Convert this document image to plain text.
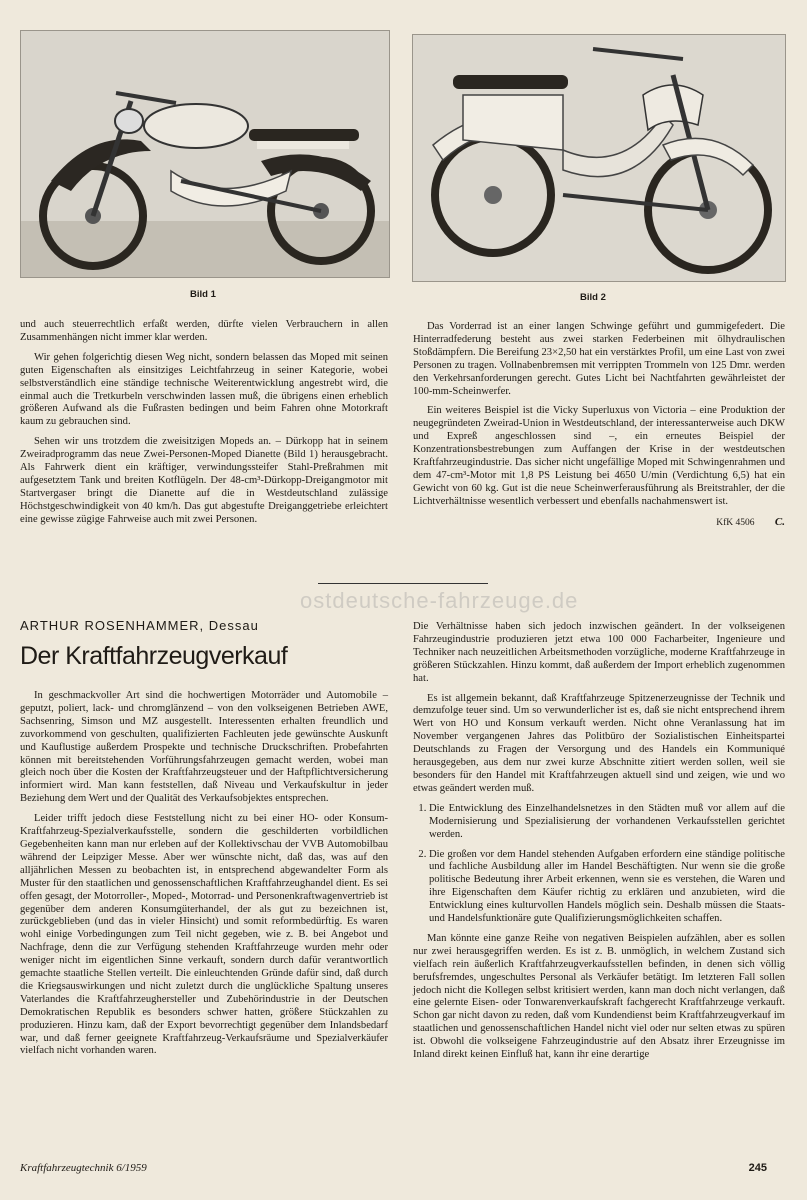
Bild 1	Bild 2

und auch steuerrechtlich erfaßt werden, dürfte vielen Verbrauchern in allen Zusammenhängen nicht immer klar werden.

Wir gehen folgerichtig diesen Weg nicht, sondern belassen das Moped mit seinen guten Eigenschaften als einsitziges Leichtfahrzeug in seiner Kategorie, wobei selbstverständlich eine ständige technische Weiterentwicklung angestrebt wird, die einmal auch die Tretkurbeln verschwinden lassen muß, die übrigens einen erheblich größeren Aufwand als die Fußrasten bedingen und beim Fahren ohne Motorkraft kaum zu gebrauchen sind.

Sehen wir uns trotzdem die zweisitzigen Mopeds an. – Dürkopp hat in seinem Zweiradprogramm das neue Zwei-Personen-Moped Dianette (Bild 1) herausgebracht. Als Fahrwerk dient ein kräftiger, verwindungssteifer Stahl-Preßrahmen mit aufgesetztem Tank und breiten Kotflügeln. Der 48-cm³-Dürkopp-Dreigangmotor mit Startvergaser bringt die Dianette auf die in Westdeutschland zulässige Höchstgeschwindigkeit von 40 km/h. Das gut abgestufte Dreiganggetriebe erleichtert eine gewisse zügige Fahrweise auch mit zwei Personen.

Das Vorderrad ist an einer langen Schwinge geführt und gummigefedert. Die Hinterradfederung besteht aus zwei starken Federbeinen mit ölhydraulischen Stoßdämpfern. Die Bereifung 23×2,50 hat ein verstärktes Profil, um eine Last von zwei Personen zu tragen. Vollnabenbremsen mit verrippten Trommeln von 125 Dmr. werden den Verkehrsanforderungen gerecht. Gutes Licht bei Nachtfahrten gewährleistet der 100-mm-Scheinwerfer.

Ein weiteres Beispiel ist die Vicky Superluxus von Victoria – eine Produktion der neugegründeten Zweirad-Union in Westdeutschland, der interessanterweise auch DKW und Expreß angeschlossen sind –, ein erneutes Beispiel der Konzentrationsbestrebungen zum Auffangen der Krise in der westdeutschen Kraftfahrzeugindustrie. Das sicher nicht ungefällige Moped mit Schwingenrahmen und dem 47-cm³-Motor mit 1,8 PS Leistung bei 4650 U/min (Verdichtung 6,5) hat ein Gewicht von 60 kg. Gut ist die neue Scheinwerferausführung als Breitstrahler, der die Lichtverhältnisse wesentlich verbessert und ebenfalls nachahmenswert ist.

KfK 4506 C.
ostdeutsche-fahrzeuge.de
ARTHUR ROSENHAMMER, Dessau
Der Kraftfahrzeugverkauf

In geschmackvoller Art sind die hochwertigen Motorräder und Automobile – geputzt, poliert, lack- und chromglänzend – von den volkseigenen Betrieben AWE, Sachsenring, Simson und MZ ausgestellt. Interessenten erhalten freundlich und zuvorkommend von geschulten, qualifizierten Fachleuten jede gewünschte Auskunft und Kauflustige außerdem Prospekte und technische Druckschriften. Probefahrten können mit bereitstehenden Vorführungsfahrzeugen gemacht werden, wobei man gleich noch über die Kosten der Kraftfahrzeugsteuer und der Haftpflichtversicherung informiert wird. Man kann feststellen, daß Niveau und Verkaufskultur in jeder Beziehung dem Wert und der Qualität des Verkaufsobjektes entsprechen.

Leider trifft jedoch diese Feststellung nicht zu bei einer HO- oder Konsum-Kraftfahrzeug-Spezialverkaufsstelle, sondern die geschilderten vorbildlichen Gegebenheiten kann man nur erleben auf der Kollektivschau der VVB Automobilbau während der Leipziger Messe. Aber wer wünschte nicht, daß das, was auf den alljährlichen Messen zu beobachten ist, in entsprechend abgewandelter Form als Muster für den staatlichen und genossenschaftlichen Kraftfahrzeughandel dient. Es sei offen gesagt, der Motorroller-, Moped-, Motorrad- und Personenkraftwagenvertrieb ist gegenüber dem anderen Konsumgüterhandel, der als gut zu bezeichnen ist, zurückgeblieben (und das in vieler Hinsicht) und somit reformbedürftig. Es waren wohl einige Vorbedingungen zum Teil nicht gegeben, wie z. B. bei Angebot und Nachfrage, denn die zur Verfügung stehenden Kraftfahrzeuge wurden mehr oder weniger nicht im eigentlichen Sinne verkauft, sondern durch dafür verantwortlich gemachte staatliche Stellen verteilt. Die einleuchtenden Gründe dafür sind, daß durch die Kriegsauswirkungen und nicht zuletzt durch die unglückliche Spaltung unseres Vaterlandes die Kraftfahrzeughersteller und Zubehörindustrie in der Deutschen Demokratischen Republik es besonders schwer hatten, größere Stückzahlen zu produzieren. Hinzu kam, daß der Export bevorrechtigt gegenüber dem Inlandsbedarf war, und daß ferner geeignete Kraftfahrzeug-Verkaufsräume und Spezialverkäufer vielfach nicht vorhanden waren.

Die Verhältnisse haben sich jedoch inzwischen geändert. In der volkseigenen Fahrzeugindustrie produzieren jetzt etwa 100 000 Facharbeiter, Ingenieure und Techniker nach neuzeitlichen Arbeitsmethoden vorzügliche, moderne Kraftfahrzeuge in größeren Stückzahlen. Hinzu kommt, daß außerdem der Import erheblich zugenommen hat.

Es ist allgemein bekannt, daß Kraftfahrzeuge Spitzenerzeugnisse der Technik und demzufolge teuer sind. Um so verwunderlicher ist es, daß sie nicht entsprechend ihrem Wert von HO und Konsum verkauft werden. Nicht ohne Veranlassung hat im November vergangenen Jahres das Politbüro der Sozialistischen Einheitspartei Deutschlands zu Fragen der Versorgung und des Handels ein Kommuniqué herausgegeben, aus dem nur zwei kurze Abschnitte zitiert werden sollen, weil sie besonders für den Handel mit Kraftfahrzeugen aktuell sind und zeigen, wie und wo etwas geändert werden muß.

1. Die Entwicklung des Einzelhandelsnetzes in den Städten muß vor allem auf die Modernisierung und Spezialisierung der vorhandenen Verkaufsstellen gerichtet werden.
2. Die großen vor dem Handel stehenden Aufgaben erfordern eine ständige politische und fachliche Ausbildung aller im Handel Beschäftigten. Nur wenn sie die große politische Bedeutung ihrer Arbeit erkennen, wenn sie es verstehen, die Waren und ihre Eigenschaften dem Käufer richtig zu erklären und anzubieten, wird die Entwicklung eines kulturvollen Handels möglich sein. Deshalb müssen die Staats- und Handelsfunktionäre gute Qualifizierungsmöglichkeiten schaffen.

Man könnte eine ganze Reihe von negativen Beispielen aufzählen, aber es sollen nur zwei herausgegriffen werden. Es ist z. B. unmöglich, in welchem Zustand sich vielfach rein äußerlich Kraftfahrzeugverkaufsstellen befinden, in denen sich völlig berufsfremdes, ungeschultes Personal als Verkäufer betätigt. Im letzteren Fall sollen jedoch nicht die Kollegen selbst kritisiert werden, kann man doch nicht verlangen, daß eine gelernte Eisen- oder Tonwarenverkaufskraft fachgerecht Kraftfahrzeuge verkauft. Schon gar nicht davon zu reden, daß vom Kundendienst beim Kraftfahrzeugverkauf im staatlichen und genossenschaftlichen Handel nicht viel oder nur selten etwas zu spüren ist. Obwohl die volkseigene Fahrzeugindustrie auf den Absatz ihrer Erzeugnisse im Inland direkt keinen Einfluß hat, kann ihr eine derartige

Kraftfahrzeugtechnik 6/1959	245
